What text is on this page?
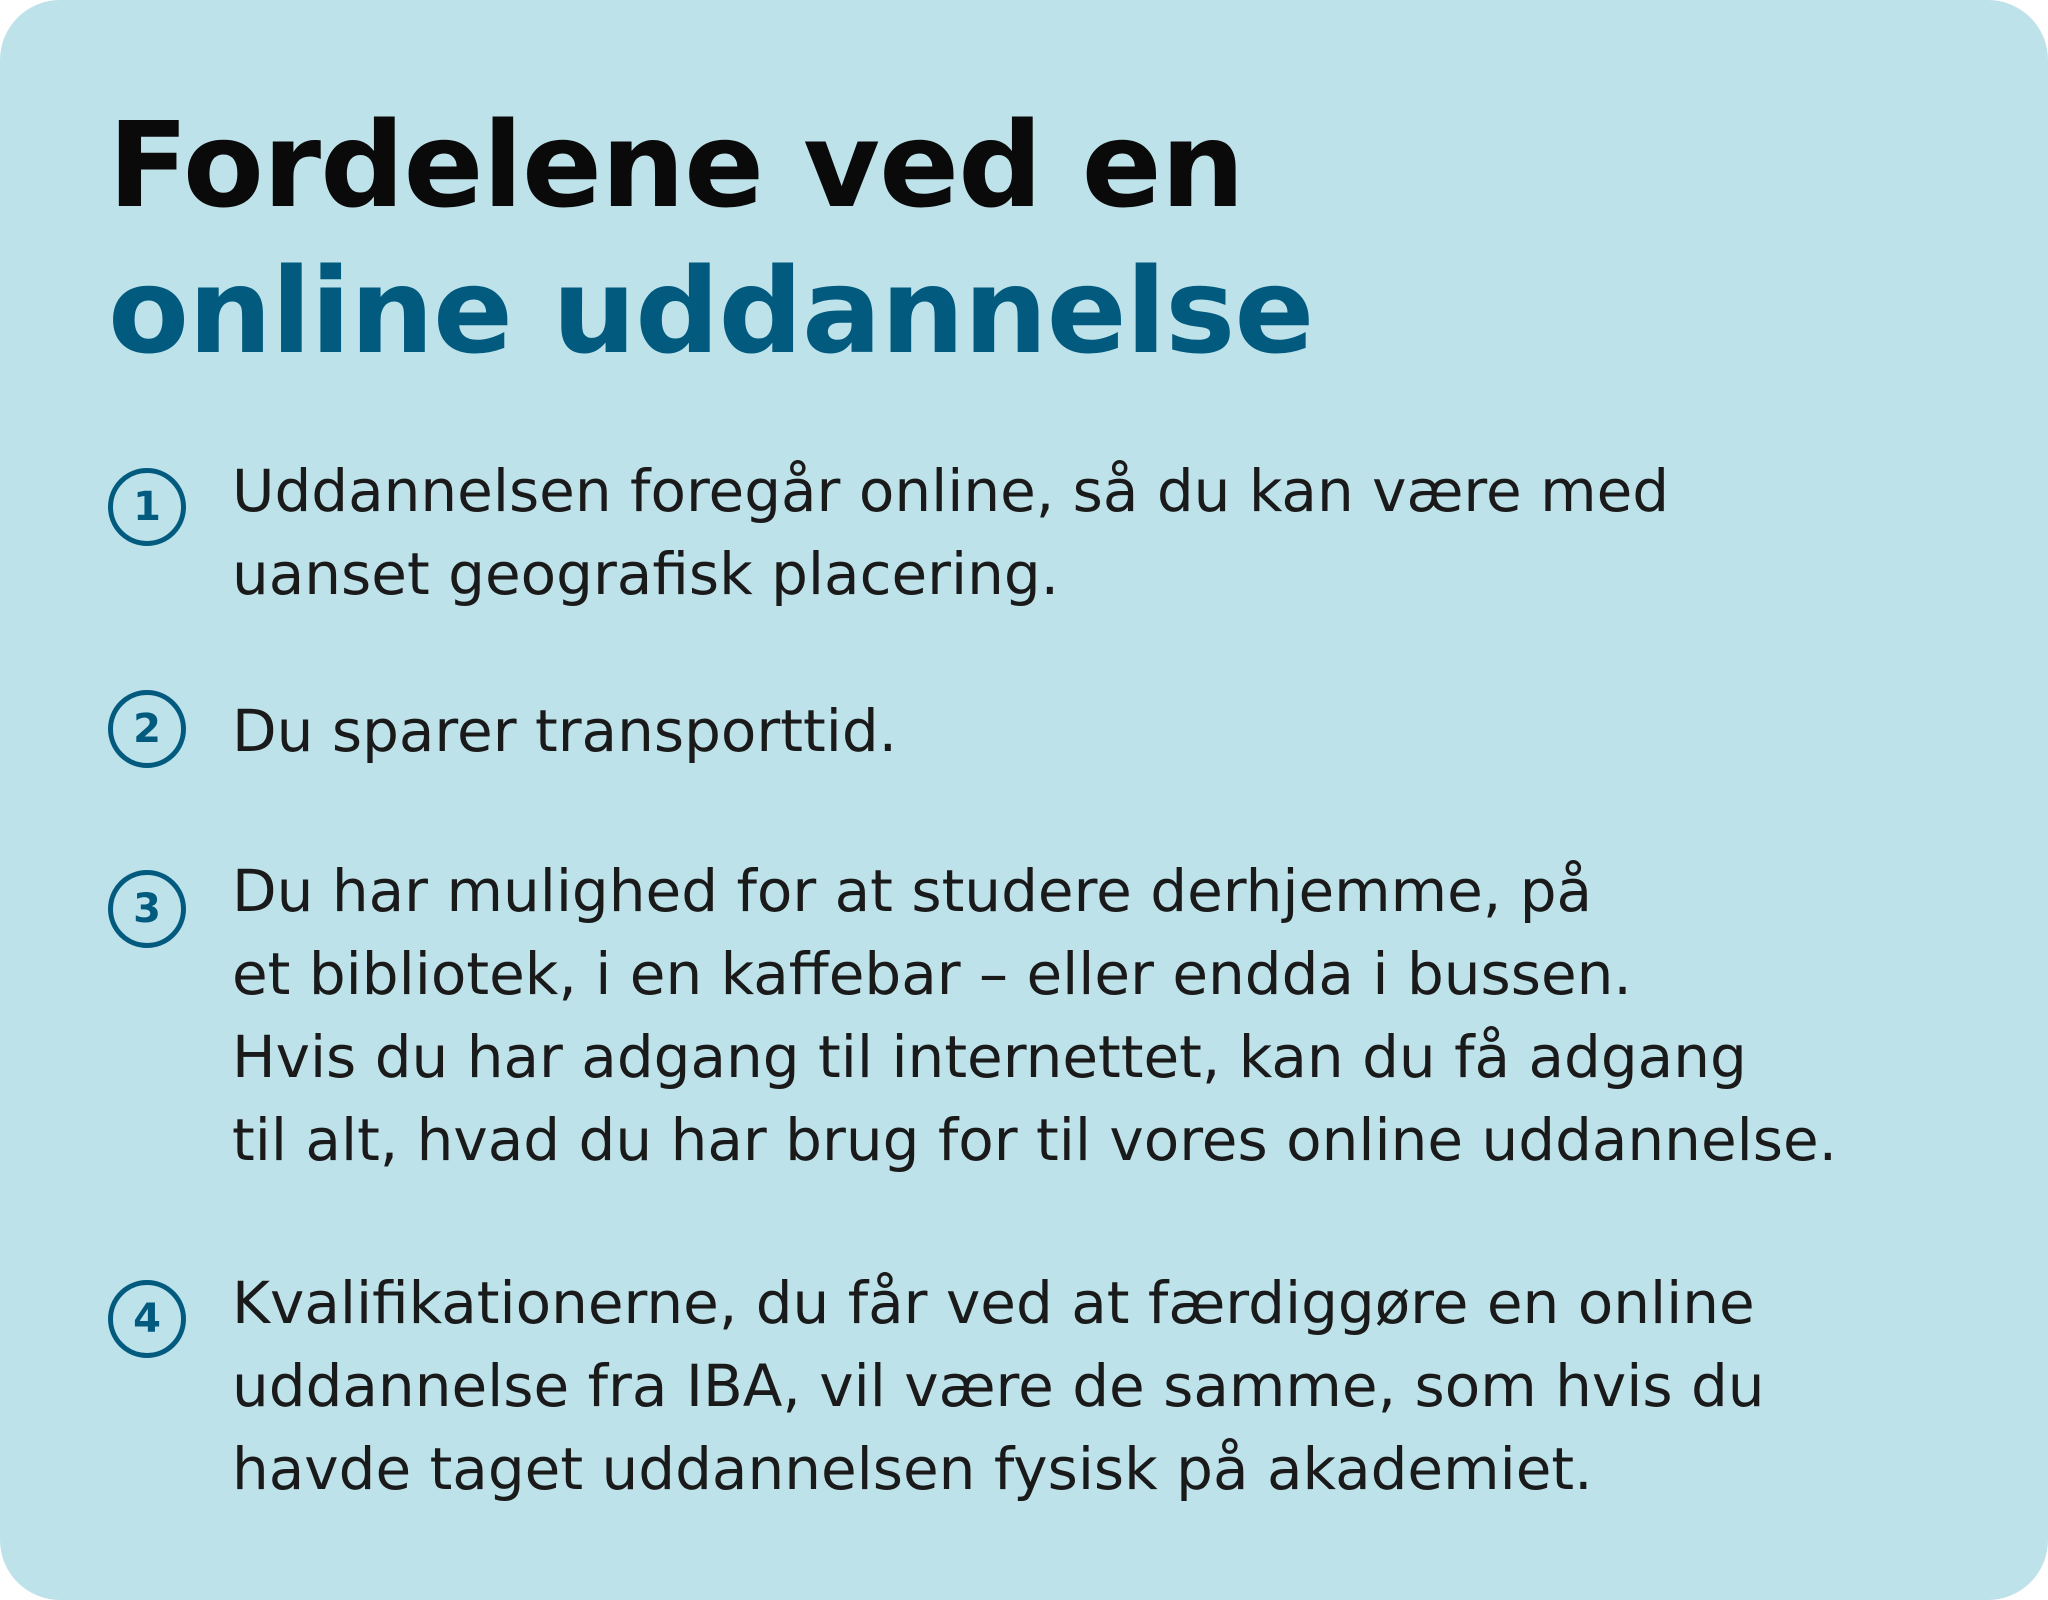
Fordelene ved en
online uddannelse
1	Uddannelsen foregår online, så du kan være med
uanset geografisk placering.

2	Du sparer transporttid.

3	Du har mulighed for at studere derhjemme, på
et bibliotek, i en kaffebar – eller endda i bussen.
Hvis du har adgang til internettet, kan du få adgang
til alt, hvad du har brug for til vores online uddannelse.

4	Kvalifikationerne, du får ved at færdiggøre en online
uddannelse fra IBA, vil være de samme, som hvis du
havde taget uddannelsen fysisk på akademiet.
